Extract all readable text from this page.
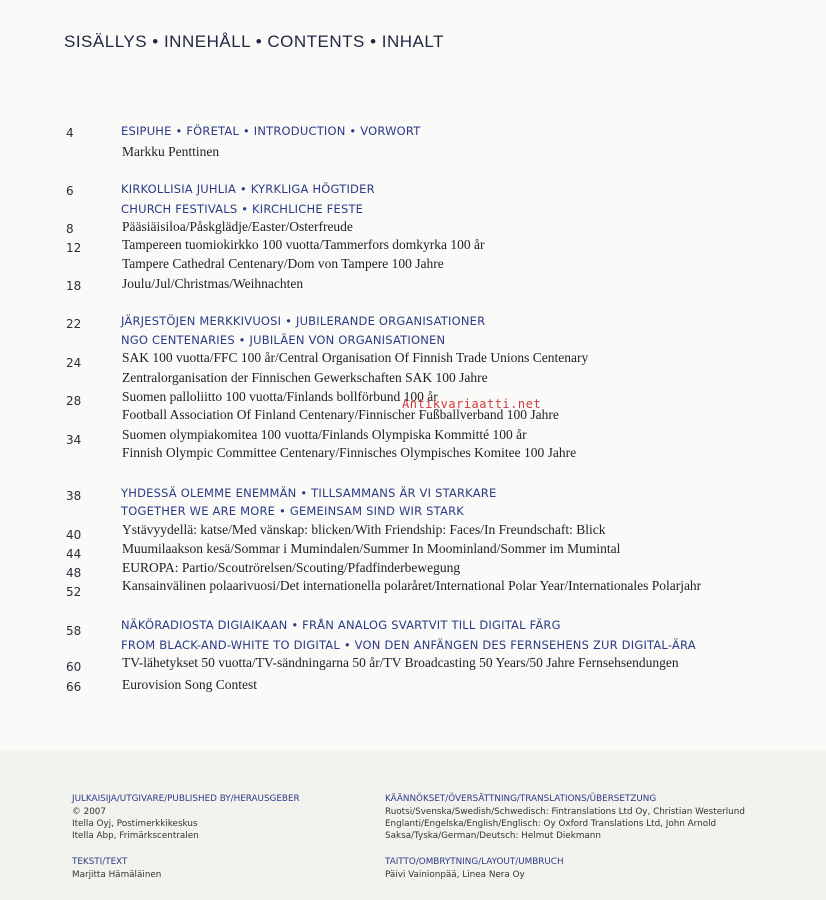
SISÄLLYS • INNEHÅLL • CONTENTS • INHALT
4	ESIPUHE • FÖRETAL • INTRODUCTION • VORWORT
Markku Penttinen
6	KIRKOLLISIA JUHLIA • KYRKLIGA HÖGTIDER
CHURCH FESTIVALS • KIRCHLICHE FESTE
8	Pääsiäisiloa/Påskglädje/Easter/Osterfreude
12	Tampereen tuomiokirkko 100 vuotta/Tammerfors domkyrka 100 år
Tampere Cathedral Centenary/Dom von Tampere 100 Jahre
18	Joulu/Jul/Christmas/Weihnachten
22	JÄRJESTÖJEN MERKKIVUOSI • JUBILERANDE ORGANISATIONER
NGO CENTENARIES • JUBILÄEN VON ORGANISATIONEN
24	SAK 100 vuotta/FFC 100 år/Central Organisation Of Finnish Trade Unions Centenary
Zentralorganisation der Finnischen Gewerkschaften SAK 100 Jahre
28	Suomen palloliitto 100 vuotta/Finlands bollförbund 100 år
Football Association Of Finland Centenary/Finnischer Fußballverband 100 Jahre
34	Suomen olympiakomitea 100 vuotta/Finlands Olympiska Kommitté 100 år
Finnish Olympic Committee Centenary/Finnisches Olympisches Komitee 100 Jahre
Antikvariaatti.net
38	YHDESSÄ OLEMME ENEMMÄN • TILLSAMMANS ÄR VI STARKARE
TOGETHER WE ARE MORE • GEMEINSAM SIND WIR STARK
40	Ystävyydellä: katse/Med vänskap: blicken/With Friendship: Faces/In Freundschaft: Blick
44	Muumilaakson kesä/Sommar i Mumindalen/Summer In Moominland/Sommer im Mumintal
48	EUROPA: Partio/Scoutrörelsen/Scouting/Pfadfinderbewegung
52	Kansainvälinen polaarivuosi/Det internationella polaråret/International Polar Year/Internationales Polarjahr
58	NÄKÖRADIOSTA DIGIAIKAAN • FRÅN ANALOG SVARTVIT TILL DIGITAL FÄRG
FROM BLACK-AND-WHITE TO DIGITAL • VON DEN ANFÄNGEN DES FERNSEHENS ZUR DIGITAL-ÄRA
60	TV-lähetykset 50 vuotta/TV-sändningarna 50 år/TV Broadcasting 50 Years/50 Jahre Fernsehsendungen
66	Eurovision Song Contest
JULKAISIJA/UTGIVARE/PUBLISHED BY/HERAUSGEBER
© 2007
Itella Oyj, Postimerkkikeskus
Itella Abp, Frimärkscentralen
TEKSTI/TEXT
Marjitta Hämäläinen
KÄÄNNÖKSET/ÖVERSÄTTNING/TRANSLATIONS/ÜBERSETZUNG
Ruotsi/Svenska/Swedish/Schwedisch: Fintranslations Ltd Oy, Christian Westerlund
Englanti/Engelska/English/Englisch: Oy Oxford Translations Ltd, John Arnold
Saksa/Tyska/German/Deutsch: Helmut Diekmann
TAITTO/OMBRYTNING/LAYOUT/UMBRUCH
Päivi Vainionpää, Linea Nera Oy
